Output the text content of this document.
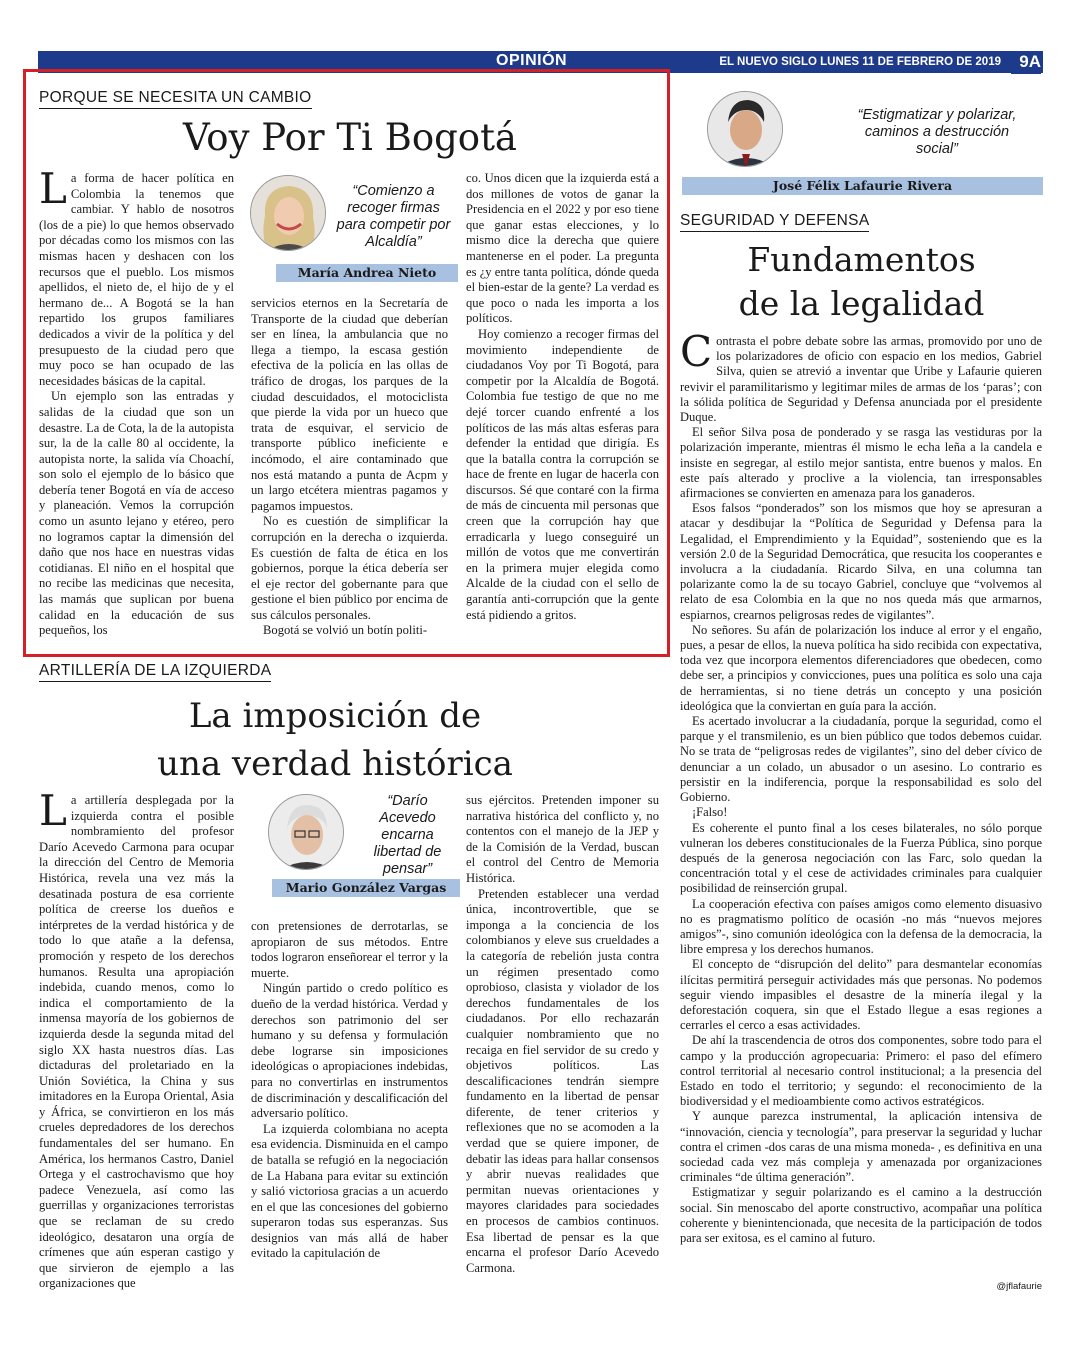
OPINIÓN	EL NUEVO SIGLO LUNES 11 DE FEBRERO DE 2019	9A
PORQUE SE NECESITA UN CAMBIO
Voy Por Ti Bogotá

La forma de hacer política en Colombia la tenemos que cambiar. Y hablo de nosotros (los de a pie) lo que hemos observado por décadas como los mismos con las mismas hacen y deshacen con los recursos que el pueblo. Los mismos apellidos, el nieto de, el hijo de y el hermano de... A Bogotá se la han repartido los grupos familiares dedicados a vivir de la política y del presupuesto de la ciudad pero que muy poco se han ocupado de las necesidades básicas de la capital.

Un ejemplo son las entradas y salidas de la ciudad que son un desastre. La de Cota, la de la autopista sur, la de la calle 80 al occidente, la autopista norte, la salida vía Choachí, son solo el ejemplo de lo básico que debería tener Bogotá en vía de acceso y planeación. Vemos la corrupción como un asunto lejano y etéreo, pero no logramos captar la dimensión del daño que nos hace en nuestras vidas cotidianas. El niño en el hospital que no recibe las medicinas que necesita, las mamás que suplican por buena calidad en la educación de sus pequeños, los

“Comienzo a recoger firmas para competir por Alcaldía”
María Andrea Nieto

servicios eternos en la Secretaría de Transporte de la ciudad que deberían ser en línea, la ambulancia que no llega a tiempo, la escasa gestión efectiva de la policía en las ollas de tráfico de drogas, los parques de la ciudad descuidados, el motociclista que pierde la vida por un hueco que trata de esquivar, el servicio de transporte público ineficiente e incómodo, el aire contaminado que nos está matando a punta de Acpm y un largo etcétera mientras pagamos y pagamos impuestos.

No es cuestión de simplificar la corrupción en la derecha o izquierda. Es cuestión de falta de ética en los gobiernos, porque la ética debería ser el eje rector del gobernante para que gestione el bien público por encima de sus cálculos personales.

Bogotá se volvió un botín politi-

co. Unos dicen que la izquierda está a dos millones de votos de ganar la Presidencia en el 2022 y por eso tiene que ganar estas elecciones, y lo mismo dice la derecha que quiere mantenerse en el poder. La pregunta es ¿y entre tanta política, dónde queda el bien-estar de la gente? La verdad es que poco o nada les importa a los políticos.

Hoy comienzo a recoger firmas del movimiento independiente de ciudadanos Voy por Ti Bogotá, para competir por la Alcaldía de Bogotá. Colombia fue testigo de que no me dejé torcer cuando enfrenté a los políticos de las más altas esferas para defender la entidad que dirigía. Es que la batalla contra la corrupción se hace de frente en lugar de hacerla con discursos. Sé que contaré con la firma de más de cincuenta mil personas que creen que la corrupción hay que erradicarla y luego conseguiré un millón de votos que me convertirán en la primera mujer elegida como Alcalde de la ciudad con el sello de garantía anti-corrupción que la gente está pidiendo a gritos.

ARTILLERÍA DE LA IZQUIERDA
La imposición de
una verdad histórica

La artillería desplegada por la izquierda contra el posible nombramiento del profesor Darío Acevedo Carmona para ocupar la dirección del Centro de Memoria Histórica, revela una vez más la desatinada postura de esa corriente política de creerse los dueños e intérpretes de la verdad histórica y de todo lo que atañe a la defensa, promoción y respeto de los derechos humanos. Resulta una apropiación indebida, cuando menos, como lo indica el comportamiento de la inmensa mayoría de los gobiernos de izquierda desde la segunda mitad del siglo XX hasta nuestros días. Las dictaduras del proletariado en la Unión Soviética, la China y sus imitadores en la Europa Oriental, Asia y África, se convirtieron en los más crueles depredadores de los derechos fundamentales del ser humano. En América, los hermanos Castro, Daniel Ortega y el castrochavismo que hoy padece Venezuela, así como las guerrillas y organizaciones terroristas que se reclaman de su credo ideológico, desataron una orgía de crímenes que aún esperan castigo y que sirvieron de ejemplo a las organizaciones que

“Darío Acevedo encarna libertad de pensar”
Mario González Vargas

con pretensiones de derrotarlas, se apropiaron de sus métodos. Entre todos lograron enseñorear el terror y la muerte.

Ningún partido o credo político es dueño de la verdad histórica. Verdad y derechos son patrimonio del ser humano y su defensa y formulación debe lograrse sin imposiciones ideológicas o apropiaciones indebidas, para no convertirlas en instrumentos de discriminación y descalificación del adversario político.

La izquierda colombiana no acepta esa evidencia. Disminuida en el campo de batalla se refugió en la negociación de La Habana para evitar su extinción y salió victoriosa gracias a un acuerdo en el que las concesiones del gobierno superaron todas sus esperanzas. Sus designios van más allá de haber evitado la capitulación de

sus ejércitos. Pretenden imponer su narrativa histórica del conflicto y, no contentos con el manejo de la JEP y de la Comisión de la Verdad, buscan el control del Centro de Memoria Histórica.

Pretenden establecer una verdad única, incontrovertible, que se imponga a la conciencia de los colombianos y eleve sus crueldades a la categoría de rebelión justa contra un régimen presentado como oprobioso, clasista y violador de los derechos fundamentales de los ciudadanos. Por ello rechazarán cualquier nombramiento que no recaiga en fiel servidor de su credo y objetivos políticos. Las descalificaciones tendrán siempre fundamento en la libertad de pensar diferente, de tener criterios y reflexiones que no se acomoden a la verdad que se quiere imponer, de debatir las ideas para hallar consensos y abrir nuevas realidades que permitan nuevas orientaciones y mayores claridades para sociedades en procesos de cambios continuos. Esa libertad de pensar es la que encarna el profesor Darío Acevedo Carmona.

“Estigmatizar y polarizar, caminos a destrucción social”
José Félix Lafaurie Rivera
SEGURIDAD Y DEFENSA
Fundamentos
de la legalidad

Contrasta el pobre debate sobre las armas, promovido por uno de los polarizadores de oficio con espacio en los medios, Gabriel Silva, quien se atrevió a inventar que Uribe y Lafaurie quieren revivir el paramilitarismo y legitimar miles de armas de los ‘paras’; con la sólida política de Seguridad y Defensa anunciada por el presidente Duque.

El señor Silva posa de ponderado y se rasga las vestiduras por la polarización imperante, mientras él mismo le echa leña a la candela e insiste en segregar, al estilo mejor santista, entre buenos y malos. En este país alterado y proclive a la violencia, tan irresponsables afirmaciones se convierten en amenaza para los ganaderos.

Esos falsos “ponderados” son los mismos que hoy se apresuran a atacar y desdibujar la “Política de Seguridad y Defensa para la Legalidad, el Emprendimiento y la Equidad”, sosteniendo que es la versión 2.0 de la Seguridad Democrática, que resucita los cooperantes e involucra a la ciudadanía. Ricardo Silva, en una columna tan polarizante como la de su tocayo Gabriel, concluye que “volvemos al relato de esa Colombia en la que no nos queda más que armarnos, espiarnos, crearnos peligrosas redes de vigilantes”.

No señores. Su afán de polarización los induce al error y el engaño, pues, a pesar de ellos, la nueva política ha sido recibida con expectativa, toda vez que incorpora elementos diferenciadores que obedecen, como debe ser, a principios y convicciones, pues una política es solo una caja de herramientas, si no tiene detrás un concepto y una posición ideológica que la conviertan en guía para la acción.

Es acertado involucrar a la ciudadanía, porque la seguridad, como el parque y el transmilenio, es un bien público que todos debemos cuidar. No se trata de “peligrosas redes de vigilantes”, sino del deber cívico de denunciar a un colado, un abusador o un asesino. Lo contrario es persistir en la indiferencia, porque la responsabilidad es solo del Gobierno.

¡Falso!

Es coherente el punto final a los ceses bilaterales, no sólo porque vulneran los deberes constitucionales de la Fuerza Pública, sino porque después de la generosa negociación con las Farc, solo quedan la concentración total y el cese de actividades criminales para cualquier posibilidad de reinserción grupal.

La cooperación efectiva con países amigos como elemento disuasivo no es pragmatismo político de ocasión -no más “nuevos mejores amigos”-, sino comunión ideológica con la defensa de la democracia, la libre empresa y los derechos humanos.

El concepto de “disrupción del delito” para desmantelar economías ilícitas permitirá perseguir actividades más que personas. No podemos seguir viendo impasibles el desastre de la minería ilegal y la deforestación coquera, sin que el Estado llegue a esas regiones a cerrarles el cerco a esas actividades.

De ahí la trascendencia de otros dos componentes, sobre todo para el campo y la producción agropecuaria: Primero: el paso del efímero control territorial al necesario control institucional; a la presencia del Estado en todo el territorio; y segundo: el reconocimiento de la biodiversidad y el medioambiente como activos estratégicos.

Y aunque parezca instrumental, la aplicación intensiva de “innovación, ciencia y tecnología”, para preservar la seguridad y luchar contra el crimen -dos caras de una misma moneda- , es definitiva en una sociedad cada vez más compleja y amenazada por organizaciones criminales “de última generación”.

Estigmatizar y seguir polarizando es el camino a la destrucción social. Sin menoscabo del aporte constructivo, acompañar una política coherente y bienintencionada, que necesita de la participación de todos para ser exitosa, es el camino al futuro.

@jflafaurie
